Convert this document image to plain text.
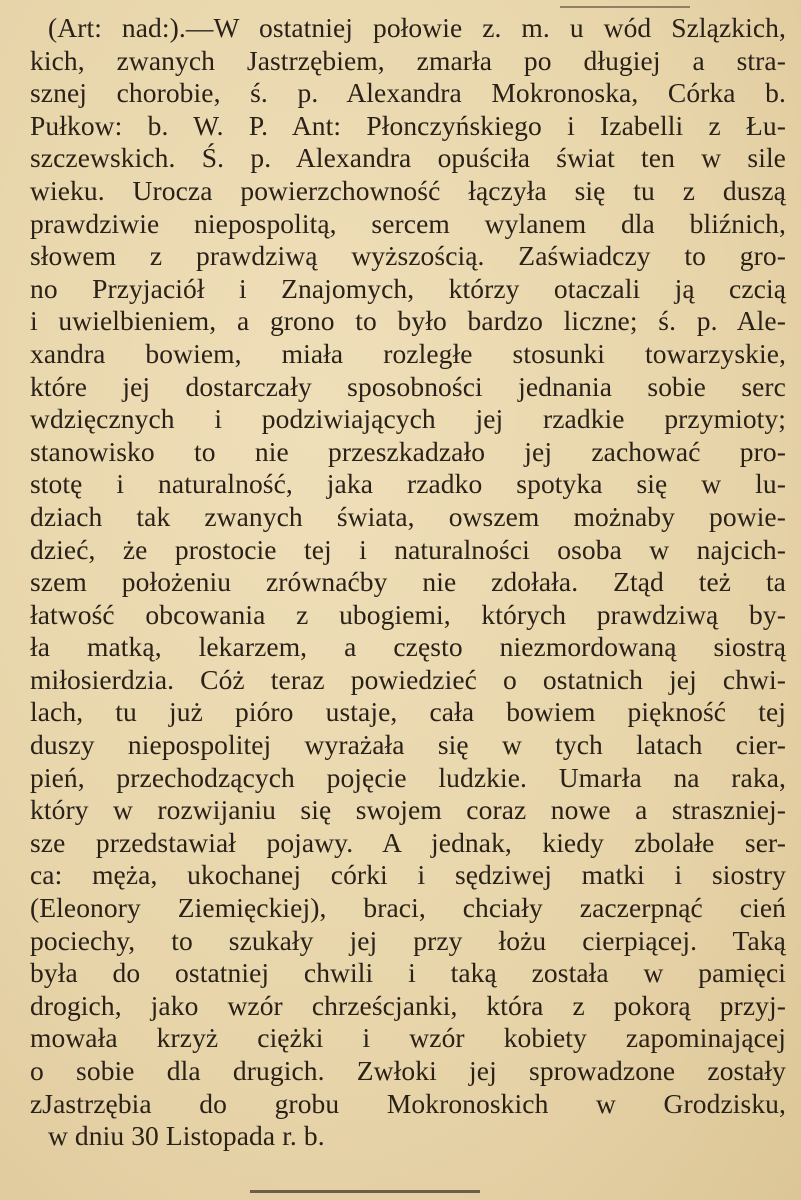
(Art: nad:).—W ostatniej połowie z. m. u wód Szlązkich,
kich, zwanych Jastrzębiem, zmarła po długiej a stra-
sznej chorobie, ś. p. Alexandra Mokronoska, Córka b.
Pułkow: b. W. P. Ant: Płonczyńskiego i Izabelli z Łu-
szczewskich. Ś. p. Alexandra opuściła świat ten w sile
wieku. Urocza powierzchowność łączyła się tu z duszą
prawdziwie niepospolitą, sercem wylanem dla bliźnich,
słowem z prawdziwą wyższością. Zaświadczy to gro-
no Przyjaciół i Znajomych, którzy otaczali ją czcią
i uwielbieniem, a grono to było bardzo liczne; ś. p. Ale-
xandra bowiem, miała rozległe stosunki towarzyskie,
które jej dostarczały sposobności jednania sobie serc
wdzięcznych i podziwiających jej rzadkie przymioty;
stanowisko to nie przeszkadzało jej zachować pro-
stotę i naturalność, jaka rzadko spotyka się w lu-
dziach tak zwanych świata, owszem możnaby powie-
dzieć, że prostocie tej i naturalności osoba w najcich-
szem położeniu zrównaćby nie zdołała. Ztąd też ta
łatwość obcowania z ubogiemi, których prawdziwą by-
ła matką, lekarzem, a często niezmordowaną siostrą
miłosierdzia. Cóż teraz powiedzieć o ostatnich jej chwi-
lach, tu już pióro ustaje, cała bowiem piękność tej
duszy niepospolitej wyrażała się w tych latach cier-
pień, przechodzących pojęcie ludzkie. Umarła na raka,
który w rozwijaniu się swojem coraz nowe a straszniej-
sze przedstawiał pojawy. A jednak, kiedy zbolałe ser-
ca: męża, ukochanej córki i sędziwej matki i siostry
(Eleonory Ziemięckiej), braci, chciały zaczerpnąć cień
pociechy, to szukały jej przy łożu cierpiącej. Taką
była do ostatniej chwili i taką została w pamięci
drogich, jako wzór chrześcjanki, która z pokorą przyj-
mowała krzyż ciężki i wzór kobiety zapominającej
o sobie dla drugich. Zwłoki jej sprowadzone zostały
zJastrzębia do grobu Mokronoskich w Grodzisku,
w dniu 30 Listopada r. b.
